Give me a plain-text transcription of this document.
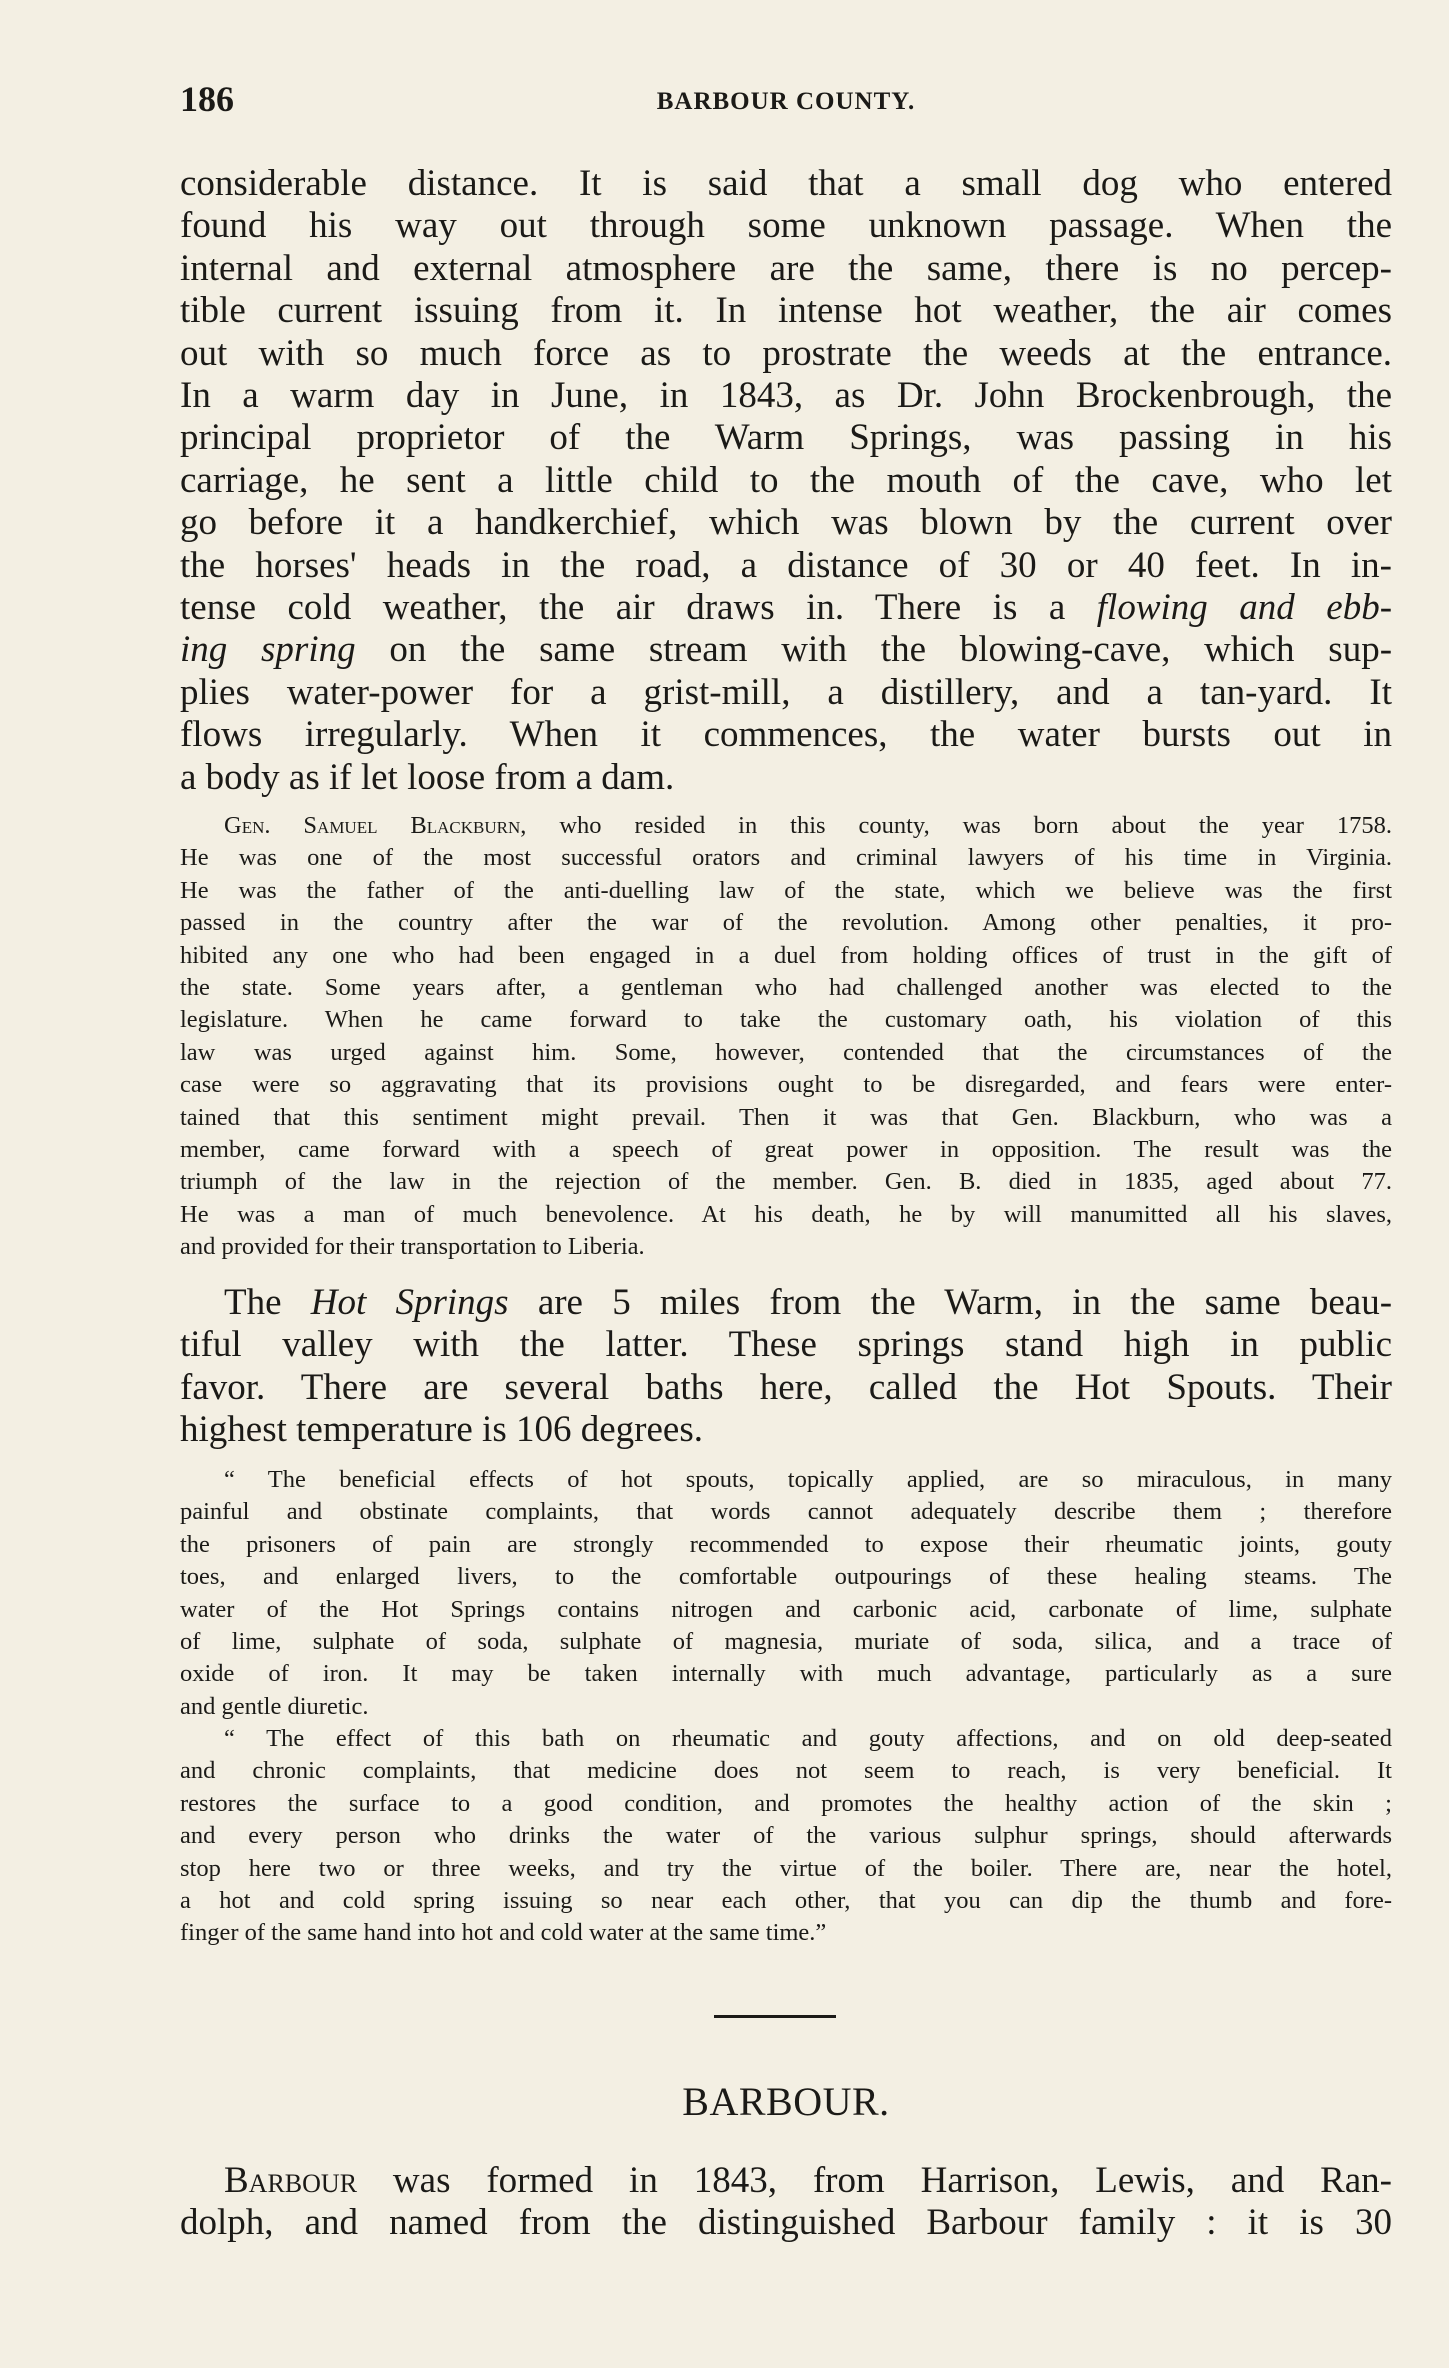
186	BARBOUR COUNTY.
considerable distance. It is said that a small dog who entered
found his way out through some unknown passage. When the
internal and external atmosphere are the same, there is no percep-
tible current issuing from it. In intense hot weather, the air comes
out with so much force as to prostrate the weeds at the entrance.
In a warm day in June, in 1843, as Dr. John Brockenbrough, the
principal proprietor of the Warm Springs, was passing in his
carriage, he sent a little child to the mouth of the cave, who let
go before it a handkerchief, which was blown by the current over
the horses' heads in the road, a distance of 30 or 40 feet. In in-
tense cold weather, the air draws in. There is a flowing and ebb-
ing spring on the same stream with the blowing-cave, which sup-
plies water-power for a grist-mill, a distillery, and a tan-yard. It
flows irregularly. When it commences, the water bursts out in
a body as if let loose from a dam.
Gen. Samuel Blackburn, who resided in this county, was born about the year 1758.
He was one of the most successful orators and criminal lawyers of his time in Virginia.
He was the father of the anti-duelling law of the state, which we believe was the first
passed in the country after the war of the revolution. Among other penalties, it pro-
hibited any one who had been engaged in a duel from holding offices of trust in the gift of
the state. Some years after, a gentleman who had challenged another was elected to the
legislature. When he came forward to take the customary oath, his violation of this
law was urged against him. Some, however, contended that the circumstances of the
case were so aggravating that its provisions ought to be disregarded, and fears were enter-
tained that this sentiment might prevail. Then it was that Gen. Blackburn, who was a
member, came forward with a speech of great power in opposition. The result was the
triumph of the law in the rejection of the member. Gen. B. died in 1835, aged about 77.
He was a man of much benevolence. At his death, he by will manumitted all his slaves,
and provided for their transportation to Liberia.
The Hot Springs are 5 miles from the Warm, in the same beau-
tiful valley with the latter. These springs stand high in public
favor. There are several baths here, called the Hot Spouts. Their
highest temperature is 106 degrees.
“ The beneficial effects of hot spouts, topically applied, are so miraculous, in many
painful and obstinate complaints, that words cannot adequately describe them ; therefore
the prisoners of pain are strongly recommended to expose their rheumatic joints, gouty
toes, and enlarged livers, to the comfortable outpourings of these healing steams. The
water of the Hot Springs contains nitrogen and carbonic acid, carbonate of lime, sulphate
of lime, sulphate of soda, sulphate of magnesia, muriate of soda, silica, and a trace of
oxide of iron. It may be taken internally with much advantage, particularly as a sure
and gentle diuretic.
“ The effect of this bath on rheumatic and gouty affections, and on old deep-seated
and chronic complaints, that medicine does not seem to reach, is very beneficial. It
restores the surface to a good condition, and promotes the healthy action of the skin ;
and every person who drinks the water of the various sulphur springs, should afterwards
stop here two or three weeks, and try the virtue of the boiler. There are, near the hotel,
a hot and cold spring issuing so near each other, that you can dip the thumb and fore-
finger of the same hand into hot and cold water at the same time.”
BARBOUR.
Barbour was formed in 1843, from Harrison, Lewis, and Ran-
dolph, and named from the distinguished Barbour family : it is 30
